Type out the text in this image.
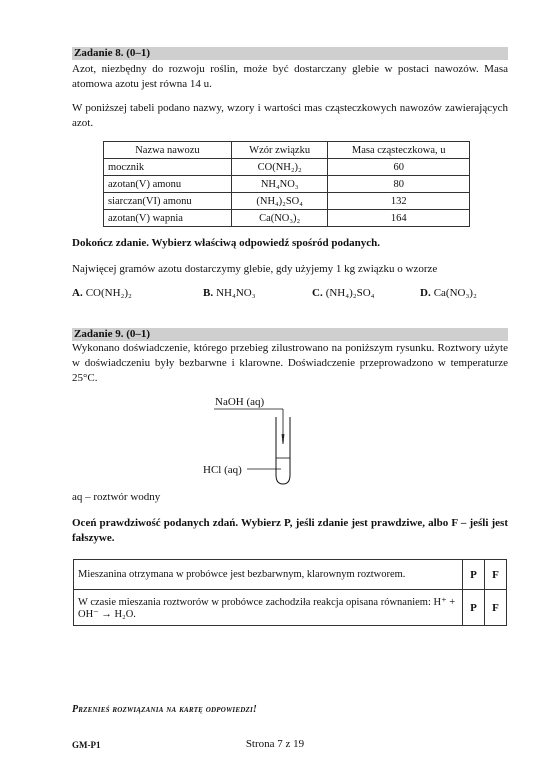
Zadanie 8. (0–1)
Azot, niezbędny do rozwoju roślin, może być dostarczany glebie w postaci nawozów. Masa atomowa azotu jest równa 14 u.
W poniższej tabeli podano nazwy, wzory i wartości mas cząsteczkowych nawozów zawierających azot.
Nazwa nawozu	Wzór związku	Masa cząsteczkowa, u
mocznik	CO(NH₂)₂	60
azotan(V) amonu	NH₄NO₃	80
siarczan(VI) amonu	(NH₄)₂SO₄	132
azotan(V) wapnia	Ca(NO₃)₂	164
Dokończ zdanie. Wybierz właściwą odpowiedź spośród podanych.
Najwięcej gramów azotu dostarczymy glebie, gdy użyjemy 1 kg związku o wzorze
A. CO(NH₂)₂	B. NH₄NO₃	C. (NH₄)₂SO₄	D. Ca(NO₃)₂
Zadanie 9. (0–1)
Wykonano doświadczenie, którego przebieg zilustrowano na poniższym rysunku. Roztwory użyte w doświadczeniu były bezbarwne i klarowne. Doświadczenie przeprowadzono w temperaturze 25°C.
NaOH (aq)
HCl (aq)
aq – roztwór wodny
Oceń prawdziwość podanych zdań. Wybierz P, jeśli zdanie jest prawdziwe, albo F – jeśli jest fałszywe.
Mieszanina otrzymana w probówce jest bezbarwnym, klarownym roztworem.	P	F
W czasie mieszania roztworów w probówce zachodziła reakcja opisana równaniem: H⁺ + OH⁻ → H₂O.	P	F
Przenieś rozwiązania na kartę odpowiedzi!
GM-P1	Strona 7 z 19
